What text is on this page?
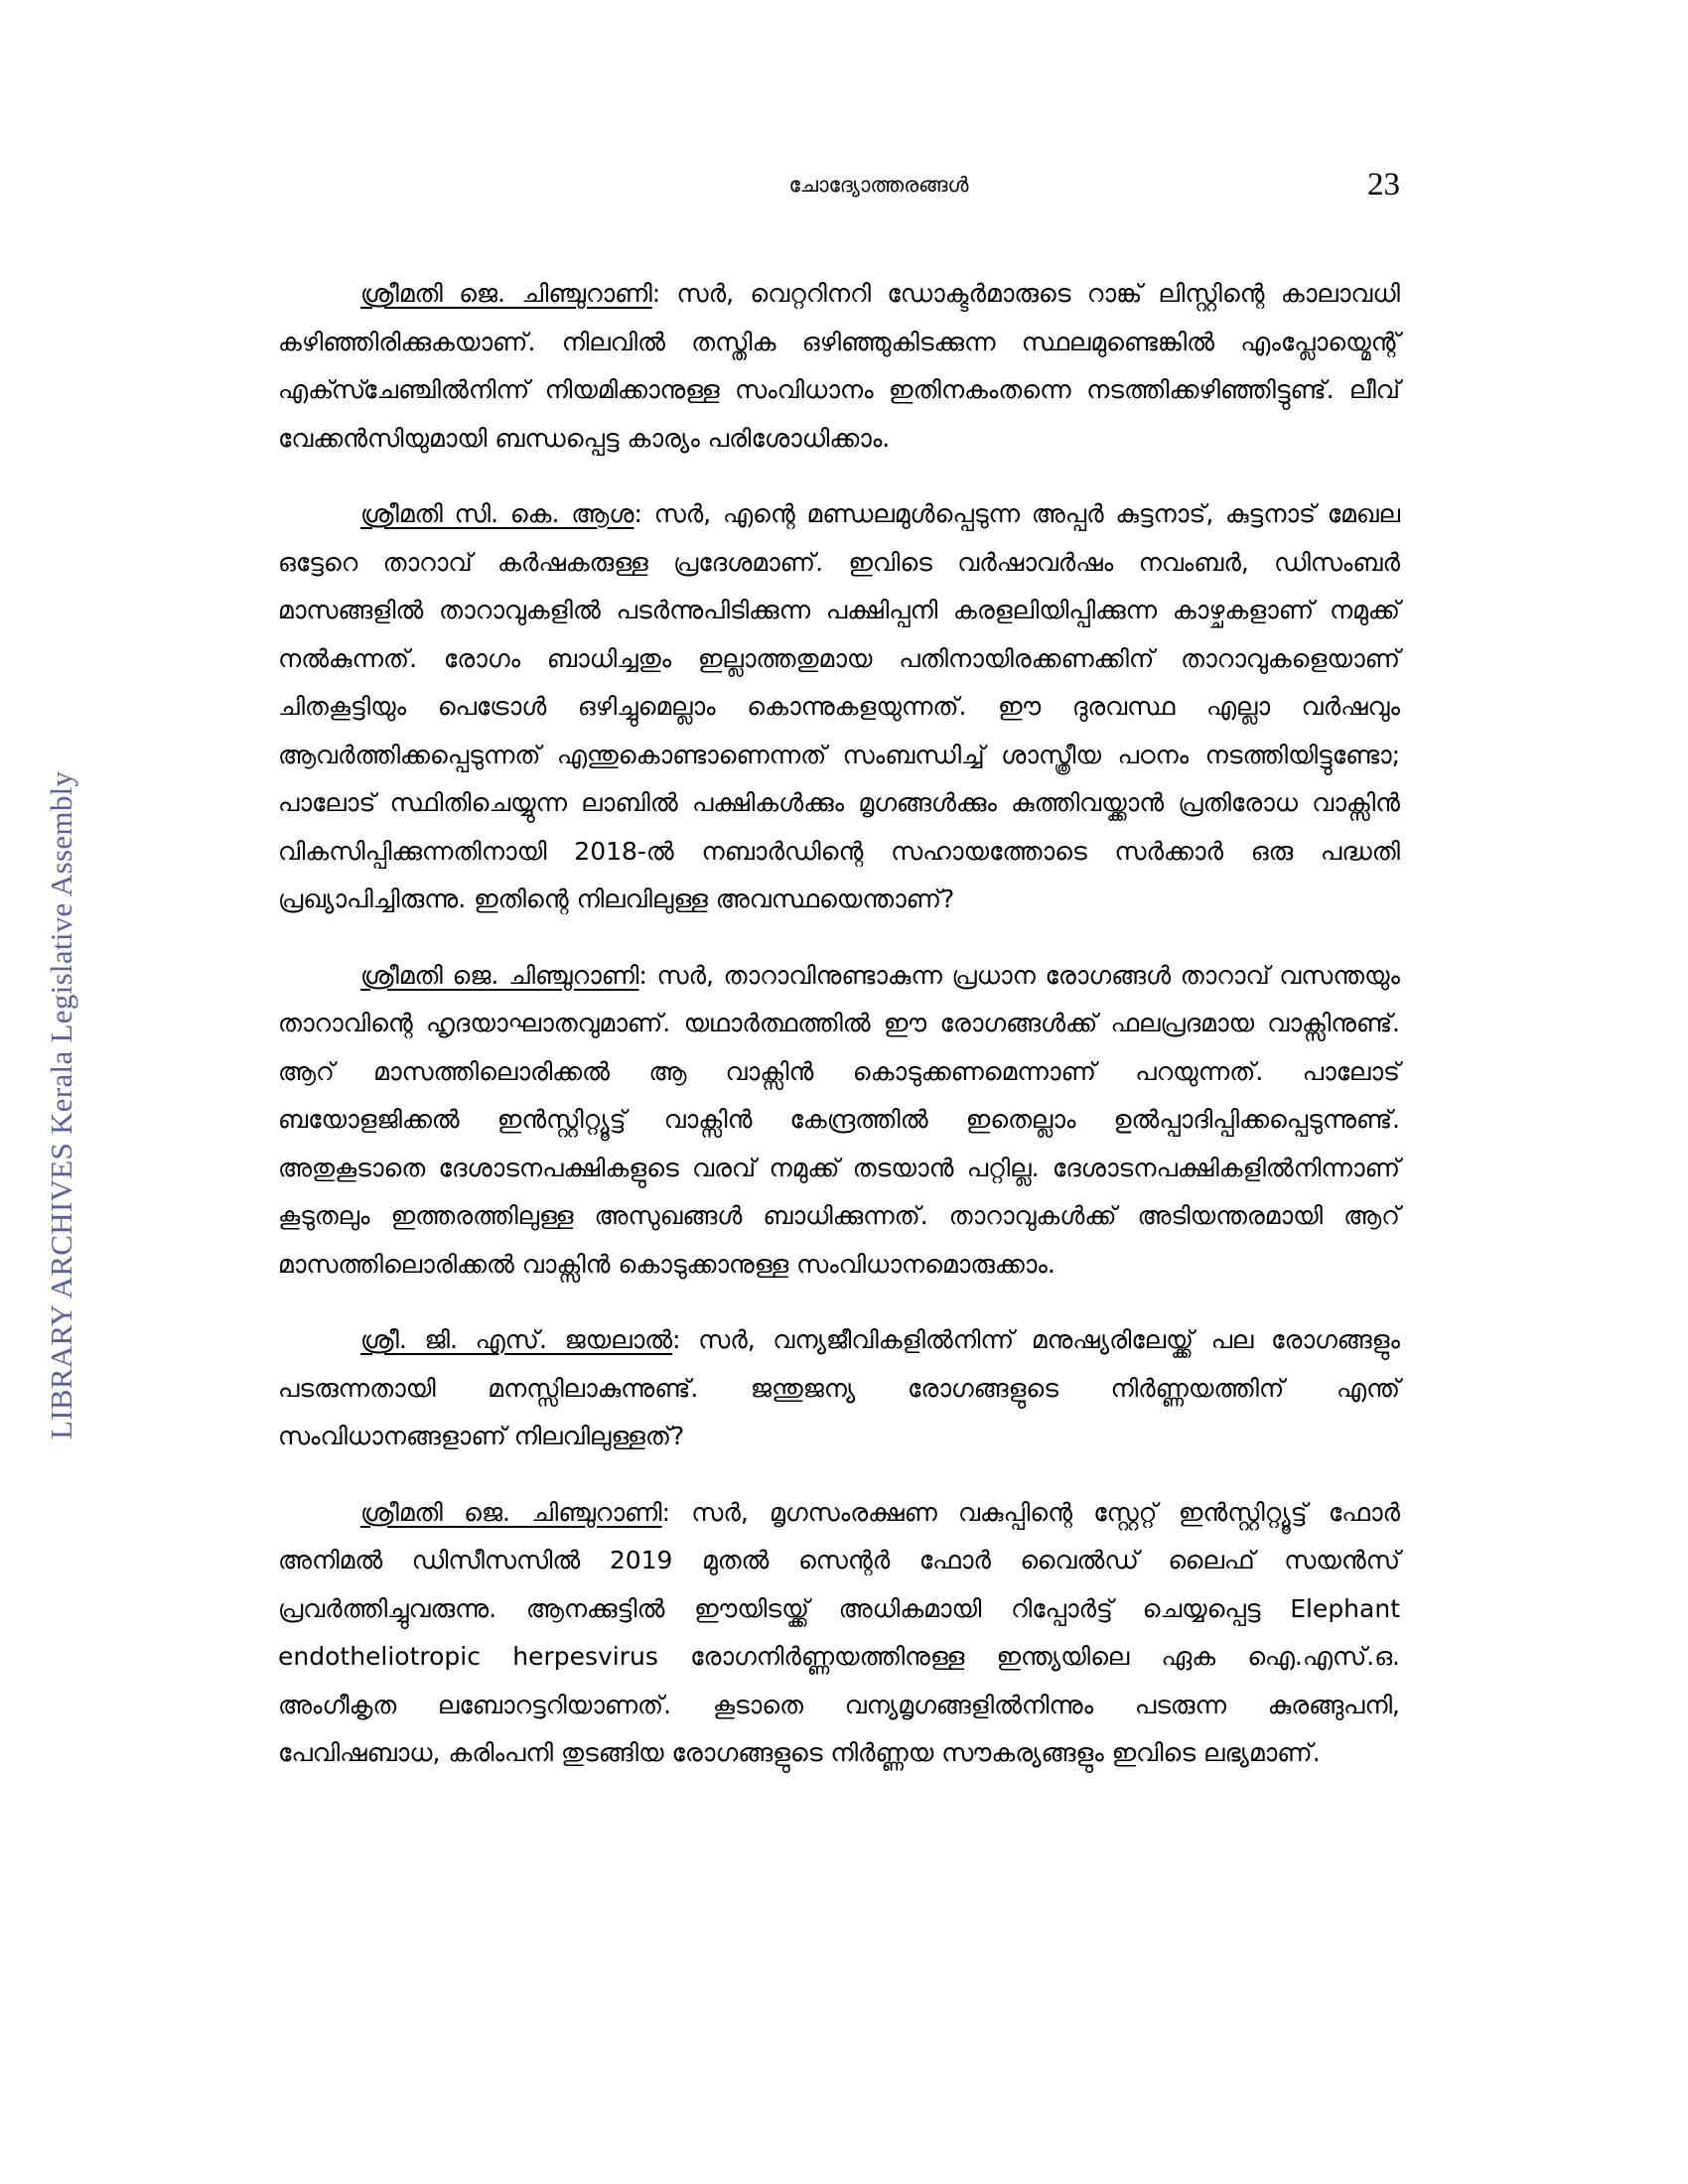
ചോദ്യോത്തരങ്ങൾ	23
LIBRARY ARCHIVES Kerala Legislative Assembly

ശ്രീമതി ജെ. ചിഞ്ചുറാണി: സർ, വെറ്ററിനറി ഡോക്ടർമാരുടെ റാങ്ക് ലിസ്റ്റിന്റെ കാലാവധി കഴിഞ്ഞിരിക്കുകയാണ്. നിലവിൽ തസ്തിക ഒഴിഞ്ഞുകിടക്കുന്ന സ്ഥലമുണ്ടെങ്കിൽ എംപ്ലോയ്മെന്റ് എക്സ്ചേഞ്ചിൽനിന്ന് നിയമിക്കാനുള്ള സംവിധാനം ഇതിനകംതന്നെ നടത്തിക്കഴിഞ്ഞിട്ടുണ്ട്. ലീവ് വേക്കൻസിയുമായി ബന്ധപ്പെട്ട കാര്യം പരിശോധിക്കാം.

ശ്രീമതി സി. കെ. ആശ: സർ, എന്റെ മണ്ഡലമുൾപ്പെടുന്ന അപ്പർ കുട്ടനാട്, കുട്ടനാട് മേഖല ഒട്ടേറെ താറാവ് കർഷകരുള്ള പ്രദേശമാണ്. ഇവിടെ വർഷാവർഷം നവംബർ, ഡിസംബർ മാസങ്ങളിൽ താറാവുകളിൽ പടർന്നുപിടിക്കുന്ന പക്ഷിപ്പനി കരളലിയിപ്പിക്കുന്ന കാഴ്ചകളാണ് നമുക്ക് നൽകുന്നത്. രോഗം ബാധിച്ചതും ഇല്ലാത്തതുമായ പതിനായിരക്കണക്കിന് താറാവുകളെയാണ് ചിതകൂട്ടിയും പെട്രോൾ ഒഴിച്ചുമെല്ലാം കൊന്നുകളയുന്നത്. ഈ ദുരവസ്ഥ എല്ലാ വർഷവും ആവർത്തിക്കപ്പെടുന്നത് എന്തുകൊണ്ടാണെന്നത് സംബന്ധിച്ച് ശാസ്ത്രീയ പഠനം നടത്തിയിട്ടുണ്ടോ; പാലോട് സ്ഥിതിചെയ്യുന്ന ലാബിൽ പക്ഷികൾക്കും മൃഗങ്ങൾക്കും കുത്തിവയ്ക്കാൻ പ്രതിരോധ വാക്സിൻ വികസിപ്പിക്കുന്നതിനായി 2018-ൽ നബാർഡിന്റെ സഹായത്തോടെ സർക്കാർ ഒരു പദ്ധതി പ്രഖ്യാപിച്ചിരുന്നു. ഇതിന്റെ നിലവിലുള്ള അവസ്ഥയെന്താണ്?

ശ്രീമതി ജെ. ചിഞ്ചുറാണി: സർ, താറാവിനുണ്ടാകുന്ന പ്രധാന രോഗങ്ങൾ താറാവ് വസന്തയും താറാവിന്റെ ഹൃദയാഘാതവുമാണ്. യഥാർത്ഥത്തിൽ ഈ രോഗങ്ങൾക്ക് ഫലപ്രദമായ വാക്സിനുണ്ട്. ആറ് മാസത്തിലൊരിക്കൽ ആ വാക്സിൻ കൊടുക്കണമെന്നാണ് പറയുന്നത്. പാലോട് ബയോളജിക്കൽ ഇൻസ്റ്റിറ്റ്യൂട്ട് വാക്സിൻ കേന്ദ്രത്തിൽ ഇതെല്ലാം ഉൽപ്പാദിപ്പിക്കപ്പെടുന്നുണ്ട്. അതുകൂടാതെ ദേശാടനപക്ഷികളുടെ വരവ് നമുക്ക് തടയാൻ പറ്റില്ല. ദേശാടനപക്ഷികളിൽനിന്നാണ് കൂടുതലും ഇത്തരത്തിലുള്ള അസുഖങ്ങൾ ബാധിക്കുന്നത്. താറാവുകൾക്ക് അടിയന്തരമായി ആറ് മാസത്തിലൊരിക്കൽ വാക്സിൻ കൊടുക്കാനുള്ള സംവിധാനമൊരുക്കാം.

ശ്രീ. ജി. എസ്. ജയലാൽ: സർ, വന്യജീവികളിൽനിന്ന് മനുഷ്യരിലേയ്ക്ക് പല രോഗങ്ങളും പടരുന്നതായി മനസ്സിലാകുന്നുണ്ട്. ജന്തുജന്യ രോഗങ്ങളുടെ നിർണ്ണയത്തിന് എന്ത് സംവിധാനങ്ങളാണ് നിലവിലുള്ളത്?

ശ്രീമതി ജെ. ചിഞ്ചുറാണി: സർ, മൃഗസംരക്ഷണ വകുപ്പിന്റെ സ്റ്റേറ്റ് ഇൻസ്റ്റിറ്റ്യൂട്ട് ഫോർ അനിമൽ ഡിസീസസിൽ 2019 മുതൽ സെന്റർ ഫോർ വൈൽഡ് ലൈഫ് സയൻസ് പ്രവർത്തിച്ചുവരുന്നു. ആനക്കുട്ടിൽ ഈയിടയ്ക്ക് അധികമായി റിപ്പോർട്ട് ചെയ്യപ്പെട്ട Elephant endotheliotropic herpesvirus രോഗനിർണ്ണയത്തിനുള്ള ഇന്ത്യയിലെ ഏക ഐ.എസ്.ഒ. അംഗീകൃത ലബോറട്ടറിയാണത്. കൂടാതെ വന്യമൃഗങ്ങളിൽനിന്നും പടരുന്ന കുരങ്ങുപനി, പേവിഷബാധ, കരിംപനി തുടങ്ങിയ രോഗങ്ങളുടെ നിർണ്ണയ സൗകര്യങ്ങളും ഇവിടെ ലഭ്യമാണ്.
